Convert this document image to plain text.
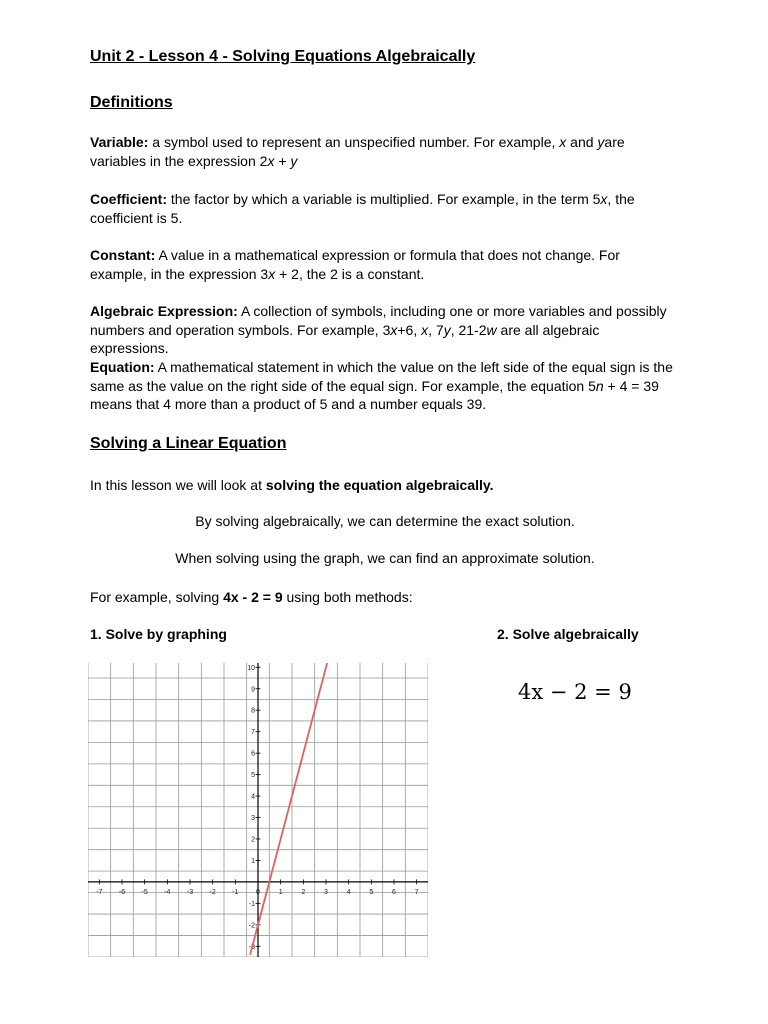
Unit 2 - Lesson 4 - Solving Equations Algebraically
Definitions
Variable: a symbol used to represent an unspecified number. For example, x and yare variables in the expression 2x + y
Coefficient: the factor by which a variable is multiplied. For example, in the term 5x, the coefficient is 5.
Constant: A value in a mathematical expression or formula that does not change. For example, in the expression 3x + 2, the 2 is a constant.
Algebraic Expression: A collection of symbols, including one or more variables and possibly numbers and operation symbols. For example, 3x+6, x, 7y, 21-2w are all algebraic expressions.
Equation: A mathematical statement in which the value on the left side of the equal sign is the same as the value on the right side of the equal sign. For example, the equation 5n + 4 = 39 means that 4 more than a product of 5 and a number equals 39.
Solving a Linear Equation
In this lesson we will look at solving the equation algebraically.
By solving algebraically, we can determine the exact solution.
When solving using the graph, we can find an approximate solution.
For example, solving 4x - 2 = 9 using both methods:
1. Solve by graphing	2. Solve algebraically
4x − 2 = 9
-7 -6 -5 -4 -3 -2 -1	0	1	2	3	4	5	6	7
-3
-2
-1
1
2
3
4
5
6
7
8
9
10
